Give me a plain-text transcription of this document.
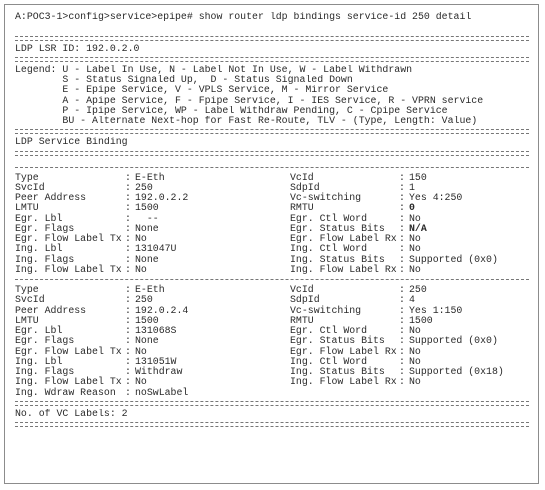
A:POC3-1>config>service>epipe# show router ldp bindings service-id 250 detail
LDP LSR ID: 192.0.2.0
Legend: U - Label In Use, N - Label Not In Use, W - Label Withdrawn
S - Status Signaled Up,  D - Status Signaled Down
E - Epipe Service, V - VPLS Service, M - Mirror Service
A - Apipe Service, F - Fpipe Service, I - IES Service, R - VPRN service
P - Ipipe Service, WP - Label Withdraw Pending, C - Cpipe Service
BU - Alternate Next-hop for Fast Re-Route, TLV - (Type, Length: Value)
LDP Service Binding
Type	: E-Eth	VcId	: 150
SvcId	: 250	SdpId	: 1
Peer Address	: 192.0.2.2	Vc-switching	: Yes 4:250
LMTU	: 1500	RMTU	: 0
Egr. Lbl	: --	Egr. Ctl Word	: No
Egr. Flags	: None	Egr. Status Bits : N/A
Egr. Flow Label Tx : No	Egr. Flow Label Rx : No
Ing. Lbl	: 131047U	Ing. Ctl Word	: No
Ing. Flags	: None	Ing. Status Bits : Supported (0x0)
Ing. Flow Label Tx : No	Ing. Flow Label Rx : No
Type	: E-Eth	VcId	: 250
SvcId	: 250	SdpId	: 4
Peer Address	: 192.0.2.4	Vc-switching	: Yes 1:150
LMTU	: 1500	RMTU	: 1500
Egr. Lbl	: 131068S	Egr. Ctl Word	: No
Egr. Flags	: None	Egr. Status Bits : Supported (0x0)
Egr. Flow Label Tx : No	Egr. Flow Label Rx : No
Ing. Lbl	: 131051W	Ing. Ctl Word	: No
Ing. Flags	: Withdraw	Ing. Status Bits : Supported (0x18)
Ing. Flow Label Tx : No	Ing. Flow Label Rx : No
Ing. Wdraw Reason : noSwLabel
No. of VC Labels: 2
